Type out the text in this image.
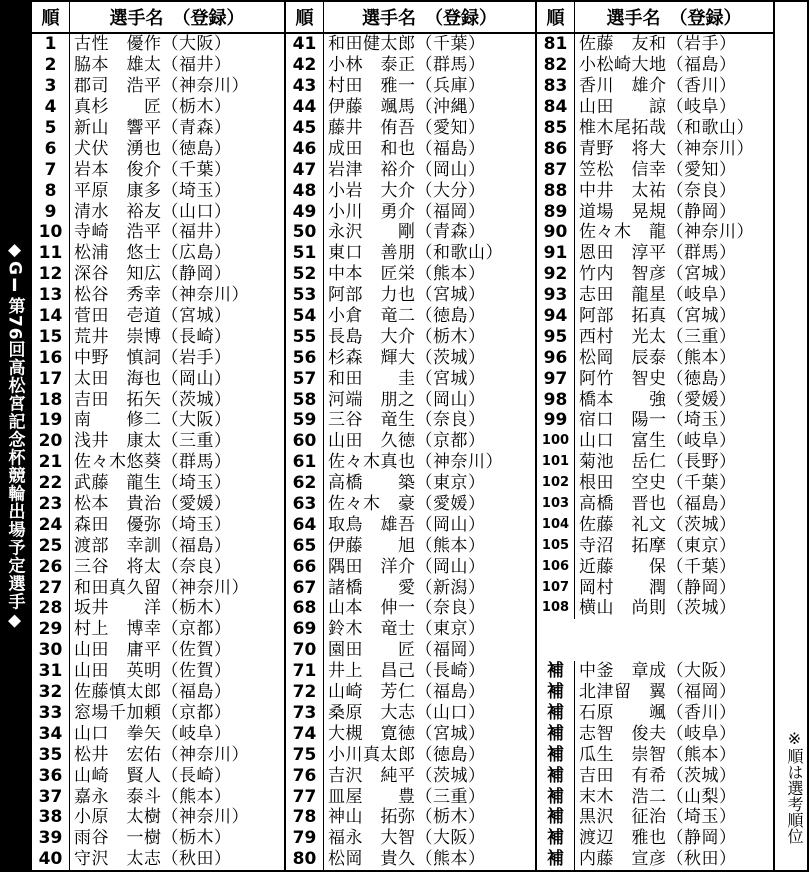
◆GⅠ第76回高松宮記念杯競輪出場予定選手◆
順	選手名　（登録）
1	古性　優作（大阪）
2	脇本　雄太（福井）
3	郡司　浩平（神奈川）
4	真杉　　匠（栃木）
5	新山　響平（青森）
6	犬伏　湧也（徳島）
7	岩本　俊介（千葉）
8	平原　康多（埼玉）
9	清水　裕友（山口）
10 寺崎　浩平（福井）
11 松浦　悠士（広島）
12 深谷　知広（静岡）
13 松谷　秀幸（神奈川）
14 菅田　壱道（宮城）
15 荒井　崇博（長崎）
16 中野　慎詞（岩手）
17 太田　海也（岡山）
18 吉田　拓矢（茨城）
19 南　　修二（大阪）
20 浅井　康太（三重）
21 佐々木悠葵（群馬）
22 武藤　龍生（埼玉）
23 松本　貴治（愛媛）
24 森田　優弥（埼玉）
25 渡部　幸訓（福島）
26 三谷　将太（奈良）
27 和田真久留（神奈川）
28 坂井　　洋（栃木）
29 村上　博幸（京都）
30 山田　庸平（佐賀）
31 山田　英明（佐賀）
32 佐藤慎太郎（福島）
33 窓場千加頼（京都）
34 山口　拳矢（岐阜）
35 松井　宏佑（神奈川）
36 山崎　賢人（長崎）
37 嘉永　泰斗（熊本）
38 小原　太樹（神奈川）
39 雨谷　一樹（栃木）
40 守沢　太志（秋田）
順	選手名　（登録）
41 和田健太郎（千葉）
42 小林　泰正（群馬）
43 村田　雅一（兵庫）
44 伊藤　颯馬（沖縄）
45 藤井　侑吾（愛知）
46 成田　和也（福島）
47 岩津　裕介（岡山）
48 小岩　大介（大分）
49 小川　勇介（福岡）
50 永沢　　剛（青森）
51 東口　善朋（和歌山）
52 中本　匠栄（熊本）
53 阿部　力也（宮城）
54 小倉　竜二（徳島）
55 長島　大介（栃木）
56 杉森　輝大（茨城）
57 和田　　圭（宮城）
58 河端　朋之（岡山）
59 三谷　竜生（奈良）
60 山田　久徳（京都）
61 佐々木真也（神奈川）
62 高橋　　築（東京）
63 佐々木　豪（愛媛）
64 取鳥　雄吾（岡山）
65 伊藤　　旭（熊本）
66 隅田　洋介（岡山）
67 諸橋　　愛（新潟）
68 山本　伸一（奈良）
69 鈴木　竜士（東京）
70 園田　　匠（福岡）
71 井上　昌己（長崎）
72 山崎　芳仁（福島）
73 桑原　大志（山口）
74 大槻　寛徳（宮城）
75 小川真太郎（徳島）
76 吉沢　純平（茨城）
77 皿屋　　豊（三重）
78 神山　拓弥（栃木）
79 福永　大智（大阪）
80 松岡　貴久（熊本）
順	選手名　（登録）
81 佐藤　友和（岩手）
82 小松崎大地（福島）
83 香川　雄介（香川）
84 山田　　諒（岐阜）
85 椎木尾拓哉（和歌山）
86 青野　将大（神奈川）
87 笠松　信幸（愛知）
88 中井　太祐（奈良）
89 道場　晃規（静岡）
90 佐々木　龍（神奈川）
91 恩田　淳平（群馬）
92 竹内　智彦（宮城）
93 志田　龍星（岐阜）
94 阿部　拓真（宮城）
95 西村　光太（三重）
96 松岡　辰泰（熊本）
97 阿竹　智史（徳島）
98 橋本　　強（愛媛）
99 宿口　陽一（埼玉）
100 山口　富生（岐阜）
101 菊池　岳仁（長野）
102 根田　空史（千葉）
103 高橋　晋也（福島）
104 佐藤　礼文（茨城）
105 寺沼　拓摩（東京）
106 近藤　　保（千葉）
107 岡村　　潤（静岡）
108 横山　尚則（茨城）
補 中釜　章成（大阪）
補 北津留　翼（福岡）
補 石原　　颯（香川）
補 志智　俊夫（岐阜）
補 瓜生　崇智（熊本）
補 吉田　有希（茨城）
補 末木　浩二（山梨）
補 黒沢　征治（埼玉）
補 渡辺　雅也（静岡）
補 内藤　宣彦（秋田）
※順は選考順位
